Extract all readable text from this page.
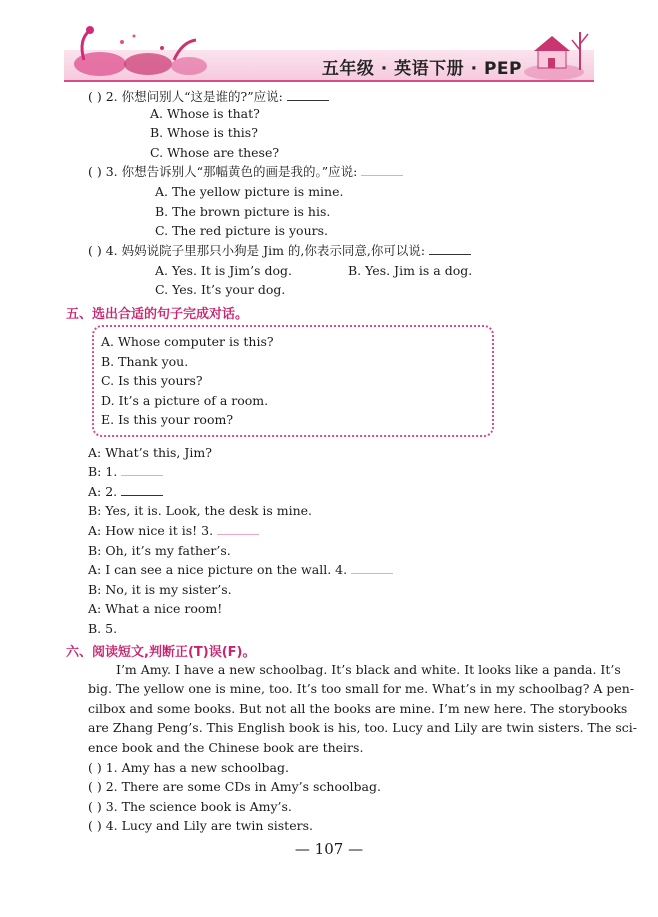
五年级 · 英语下册 · PEP
( ) 2. 你想问别人“这是谁的?”应说:
A. Whose is that?
B. Whose is this?
C. Whose are these?
( ) 3. 你想告诉别人“那幅黄色的画是我的。”应说:
A. The yellow picture is mine.
B. The brown picture is his.
C. The red picture is yours.
( ) 4. 妈妈说院子里那只小狗是 Jim 的,你表示同意,你可以说:
A. Yes. It is Jim’s dog.	B. Yes. Jim is a dog.
C. Yes. It’s your dog.
五、选出合适的句子完成对话。
A. Whose computer is this?
B. Thank you.
C. Is this yours?
D. It’s a picture of a room.
E. Is this your room?
A: What’s this, Jim?
B: 1.
A: 2.
B: Yes, it is. Look, the desk is mine.
A: How nice it is! 3.
B: Oh, it’s my father’s.
A: I can see a nice picture on the wall. 4.
B: No, it is my sister’s.
A: What a nice room!
B. 5.
六、阅读短文,判断正(T)误(F)。
I’m Amy. I have a new schoolbag. It’s black and white. It looks like a panda. It’s
big. The yellow one is mine, too. It’s too small for me. What’s in my schoolbag? A pen-
cilbox and some books. But not all the books are mine. I’m new here. The storybooks
are Zhang Peng’s. This English book is his, too. Lucy and Lily are twin sisters. The sci-
ence book and the Chinese book are theirs.
( ) 1. Amy has a new schoolbag.
( ) 2. There are some CDs in Amy’s schoolbag.
( ) 3. The science book is Amy’s.
( ) 4. Lucy and Lily are twin sisters.
— 107 —
